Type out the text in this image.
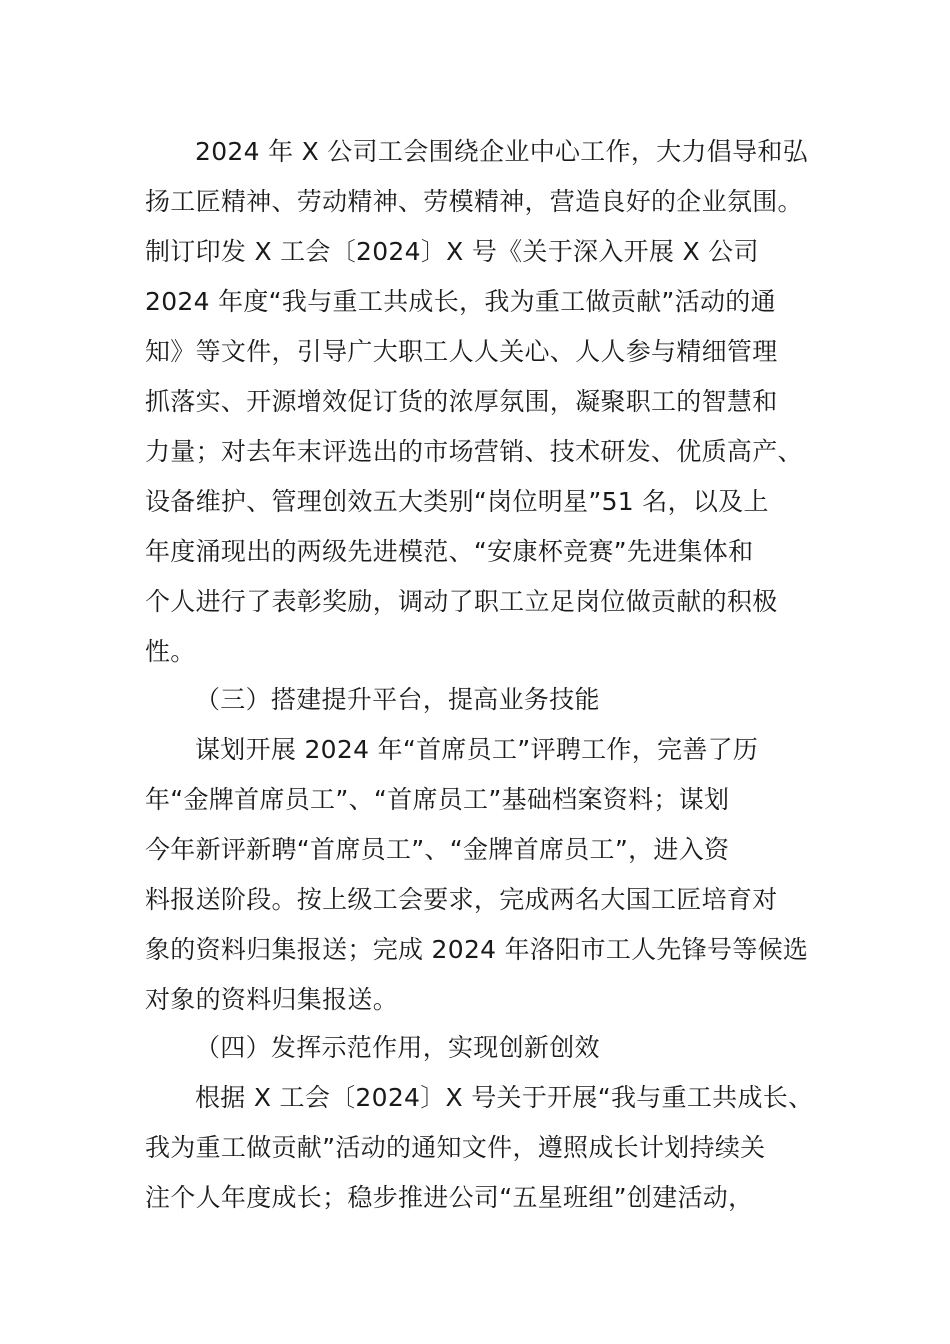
2024 年 X 公司工会围绕企业中心工作，大力倡导和弘
扬工匠精神、劳动精神、劳模精神，营造良好的企业氛围。
制订印发 X 工会〔2024〕X 号《关于深入开展 X 公司
2024 年度“我与重工共成长，我为重工做贡献”活动的通
知》等文件，引导广大职工人人关心、人人参与精细管理
抓落实、开源增效促订货的浓厚氛围，凝聚职工的智慧和
力量；对去年末评选出的市场营销、技术研发、优质高产、
设备维护、管理创效五大类别“岗位明星”51 名，以及上
年度涌现出的两级先进模范、“安康杯竞赛”先进集体和
个人进行了表彰奖励，调动了职工立足岗位做贡献的积极
性。
（三）搭建提升平台，提高业务技能
谋划开展 2024 年“首席员工”评聘工作，完善了历
年“金牌首席员工”、“首席员工”基础档案资料；谋划
今年新评新聘“首席员工”、“金牌首席员工”，进入资
料报送阶段。按上级工会要求，完成两名大国工匠培育对
象的资料归集报送；完成 2024 年洛阳市工人先锋号等候选
对象的资料归集报送。
（四）发挥示范作用，实现创新创效
根据 X 工会〔2024〕X 号关于开展“我与重工共成长、
我为重工做贡献”活动的通知文件，遵照成长计划持续关
注个人年度成长；稳步推进公司“五星班组”创建活动，
